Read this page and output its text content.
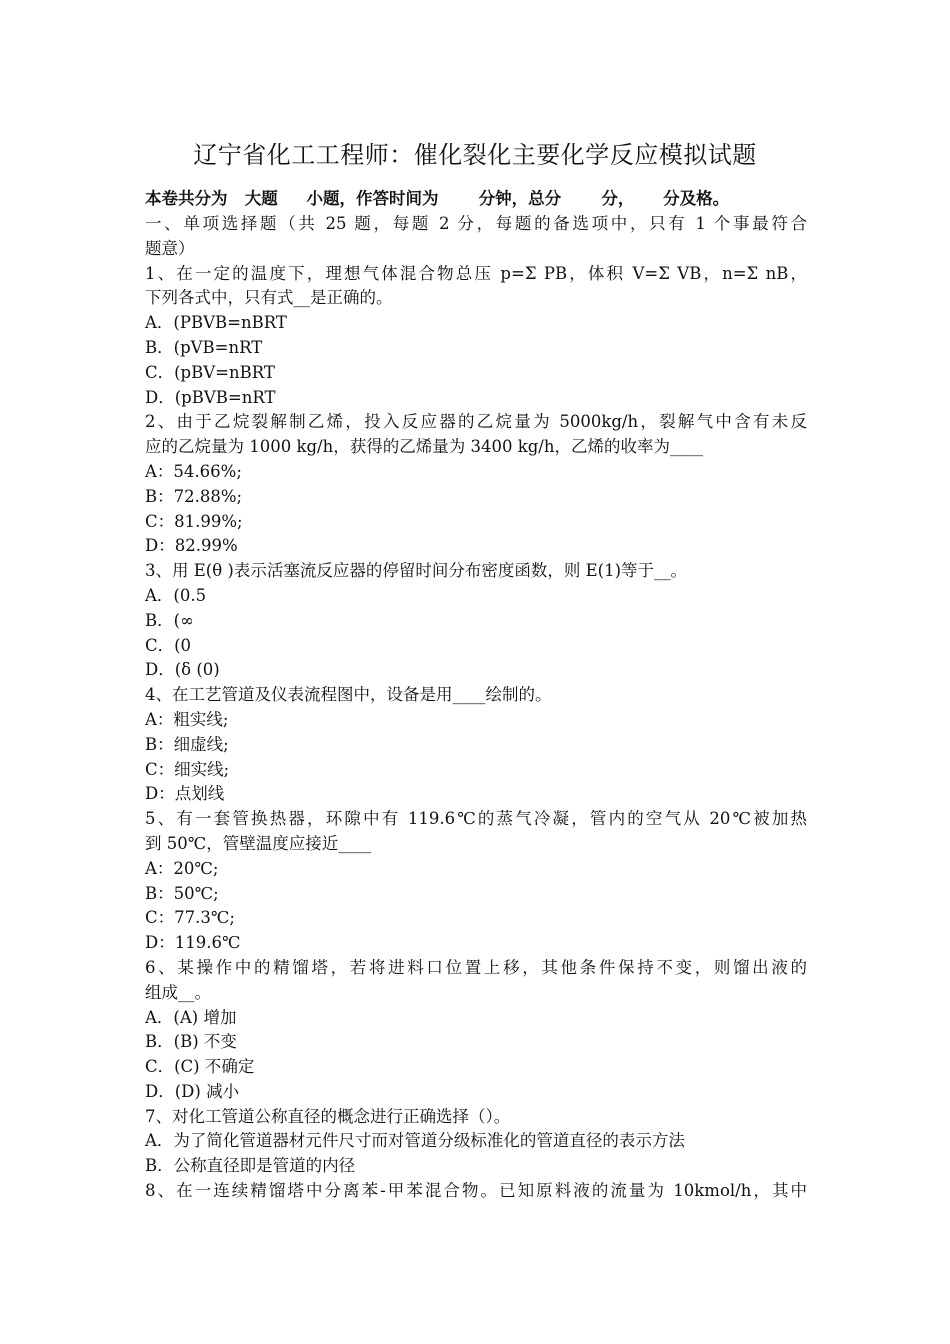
辽宁省化工工程师：催化裂化主要化学反应模拟试题
本卷共分为   大题     小题，作答时间为       分钟，总分       分，     分及格。
一、单项选择题（共 25 题，每题 2 分，每题的备选项中，只有 1 个事最符合
题意）
1、在一定的温度下，理想气体混合物总压 p=Σ PB，体积 V=Σ VB，n=Σ nB，
下列各式中，只有式__是正确的。
A．(PBVB=nBRT
B．(pVB=nRT
C．(pBV=nBRT
D．(pBVB=nRT
2、由于乙烷裂解制乙烯，投入反应器的乙烷量为 5000kg/h，裂解气中含有未反
应的乙烷量为 1000 kg/h，获得的乙烯量为 3400 kg/h，乙烯的收率为____
A：54.66%;
B：72.88%;
C：81.99%;
D：82.99%
3、用 E(θ )表示活塞流反应器的停留时间分布密度函数，则 E(1)等于__。
A．(0.5
B．(∞
C．(0
D．(δ (0)
4、在工艺管道及仪表流程图中，设备是用____绘制的。
A：粗实线;
B：细虚线;
C：细实线;
D：点划线
5、有一套管换热器，环隙中有 119.6℃的蒸气冷凝，管内的空气从 20℃被加热
到 50℃，管壁温度应接近____
A：20℃;
B：50℃;
C：77.3℃;
D：119.6℃
6、某操作中的精馏塔，若将进料口位置上移，其他条件保持不变，则馏出液的
组成__。
A．(A) 增加
B．(B) 不变
C．(C) 不确定
D．(D) 减小
7、对化工管道公称直径的概念进行正确选择（）。
A．为了简化管道器材元件尺寸而对管道分级标准化的管道直径的表示方法
B．公称直径即是管道的内径
8、在一连续精馏塔中分离苯-甲苯混合物。已知原料液的流量为 10kmol/h，其中
